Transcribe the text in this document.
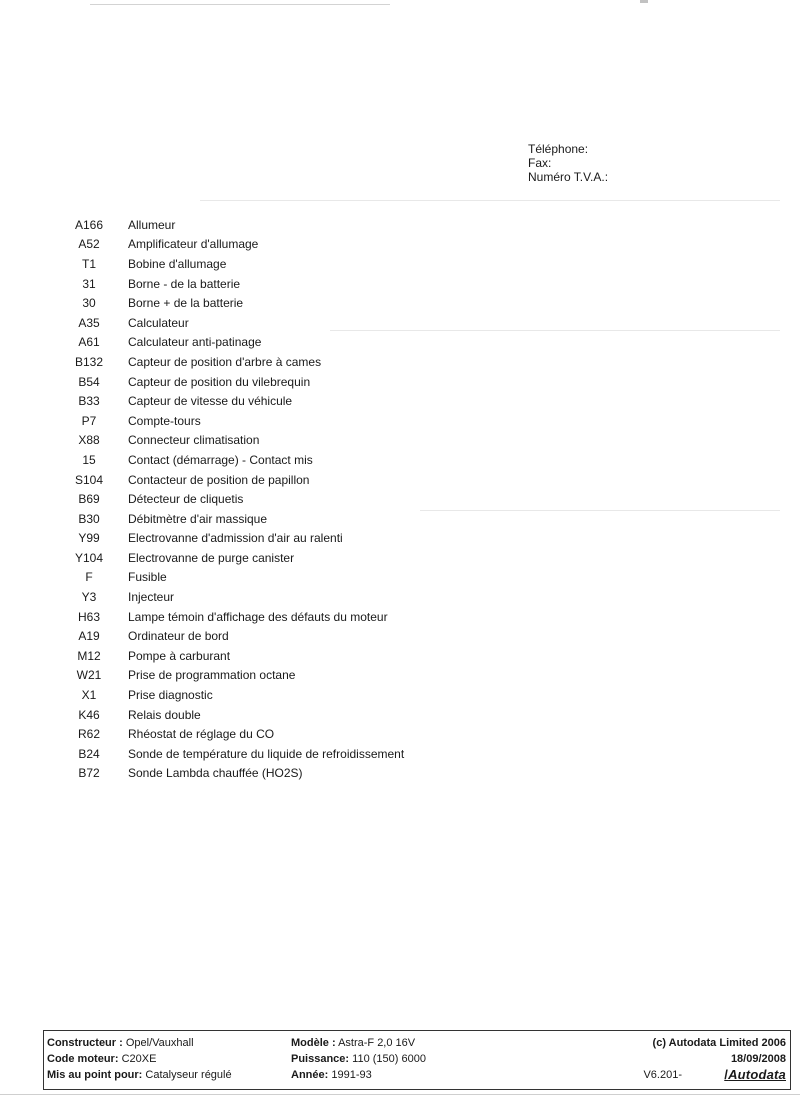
Téléphone:
Fax:
Numéro T.V.A.:
A166	Allumeur
A52	Amplificateur d'allumage
T1	Bobine d'allumage
31	Borne - de la batterie
30	Borne + de la batterie
A35	Calculateur
A61	Calculateur anti-patinage
B132	Capteur de position d'arbre à cames
B54	Capteur de position du vilebrequin
B33	Capteur de vitesse du véhicule
P7	Compte-tours
X88	Connecteur climatisation
15	Contact (démarrage) - Contact mis
S104	Contacteur de position de papillon
B69	Détecteur de cliquetis
B30	Débitmètre d'air massique
Y99	Electrovanne d'admission d'air au ralenti
Y104	Electrovanne de purge canister
F	Fusible
Y3	Injecteur
H63	Lampe témoin d'affichage des défauts du moteur
A19	Ordinateur de bord
M12	Pompe à carburant
W21	Prise de programmation octane
X1	Prise diagnostic
K46	Relais double
R62	Rhéostat de réglage du CO
B24	Sonde de température du liquide de refroidissement
B72	Sonde Lambda chauffée (HO2S)
Constructeur : Opel/Vauxhall
Code moteur: C20XE
Mis au point pour: Catalyseur régulé
Modèle : Astra-F 2,0 16V
Puissance: 110 (150) 6000
Année: 1991-93
(c) Autodata Limited 2006
18/09/2008
V6.201-	/Autodata
